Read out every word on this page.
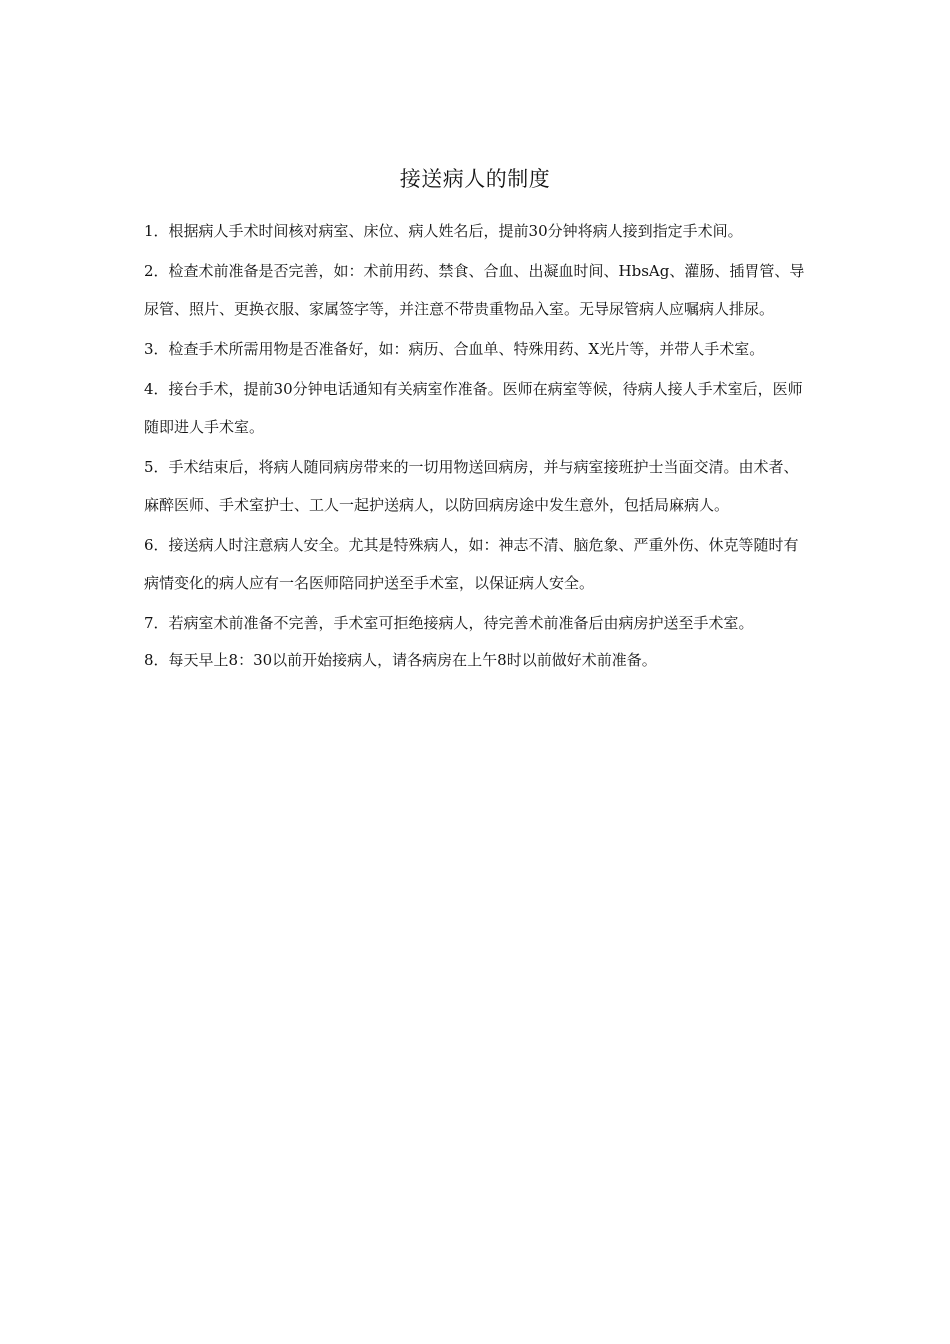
接送病人的制度

1．根据病人手术时间核对病室、床位、病人姓名后，提前30分钟将病人接到指定手术间。

2．检查术前准备是否完善，如：术前用药、禁食、合血、出凝血时间、HbsAg、灌肠、插胃管、导尿管、照片、更换衣服、家属签字等，并注意不带贵重物品入室。无导尿管病人应嘱病人排尿。

3．检查手术所需用物是否准备好，如：病历、合血单、特殊用药、X光片等，并带人手术室。

4．接台手术，提前30分钟电话通知有关病室作准备。医师在病室等候，待病人接人手术室后，医师随即进人手术室。

5．手术结束后，将病人随同病房带来的一切用物送回病房，并与病室接班护士当面交清。由术者、麻醉医师、手术室护士、工人一起护送病人，以防回病房途中发生意外，包括局麻病人。

6．接送病人时注意病人安全。尤其是特殊病人，如：神志不清、脑危象、严重外伤、休克等随时有病情变化的病人应有一名医师陪同护送至手术室，以保证病人安全。

7．若病室术前准备不完善，手术室可拒绝接病人，待完善术前准备后由病房护送至手术室。

8．每天早上8：30以前开始接病人，请各病房在上午8时以前做好术前准备。
